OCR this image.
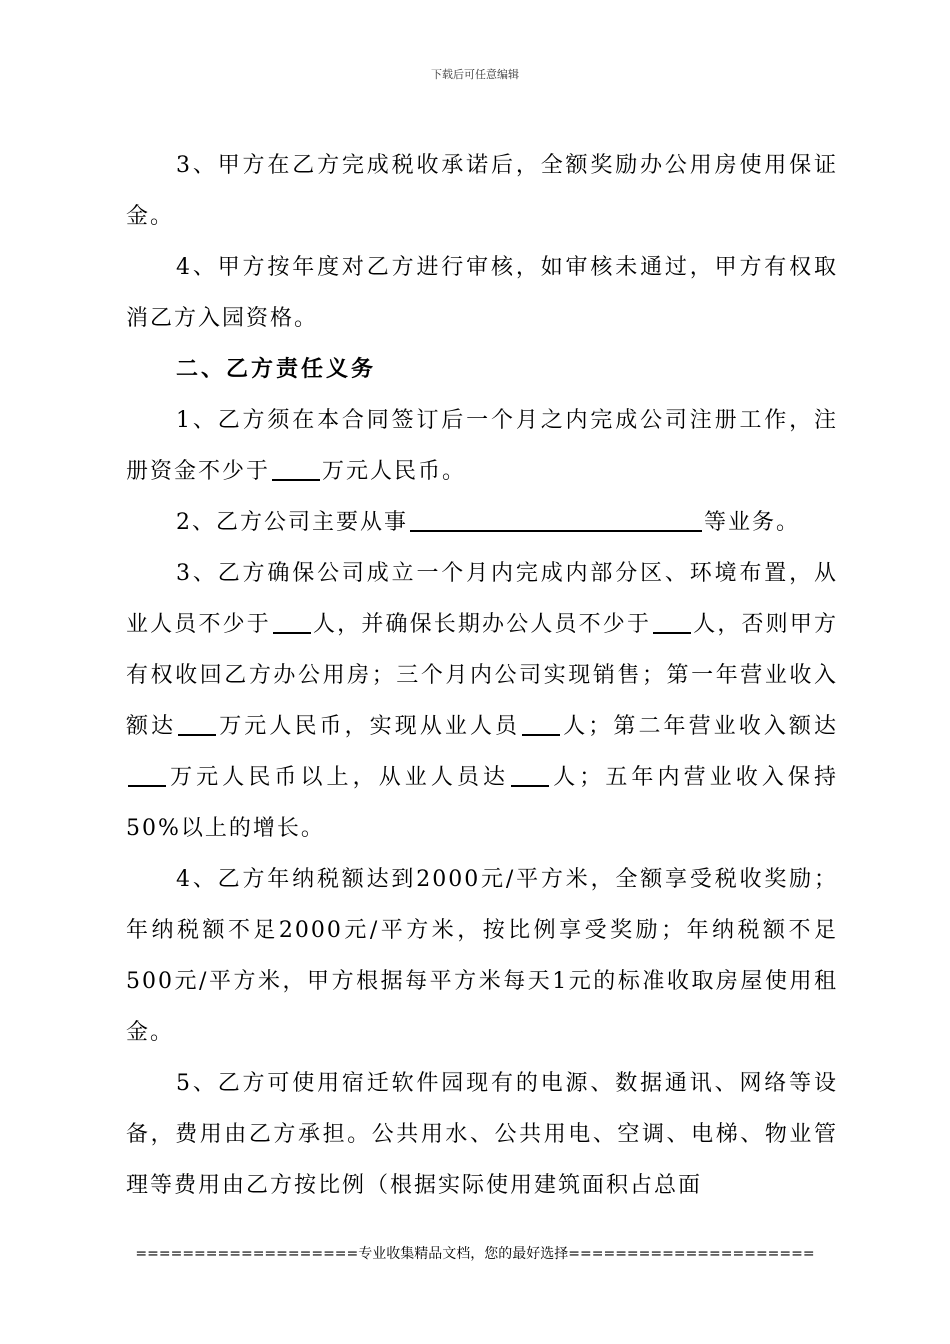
下载后可任意编辑

3、甲方在乙方完成税收承诺后，全额奖励办公用房使用保证金。

4、甲方按年度对乙方进行审核，如审核未通过，甲方有权取消乙方入园资格。

二、乙方责任义务

1、乙方须在本合同签订后一个月之内完成公司注册工作，注册资金不少于 万元人民币。

2、乙方公司主要从事	等业务。

3、乙方确保公司成立一个月内完成内部分区、环境布置，从业人员不少于 人，并确保长期办公人员不少于 人，否则甲方有权收回乙方办公用房；三个月内公司实现销售；第一年营业收入额达 万元人民币，实现从业人员 人；第二年营业收入额达万元人民币以上，从业人员达 人；五年内营业收入保持50%以上的增长。

4、乙方年纳税额达到2000元/平方米，全额享受税收奖励；年纳税额不足2000元/平方米，按比例享受奖励；年纳税额不足500元/平方米，甲方根据每平方米每天1元的标准收取房屋使用租金。

5、乙方可使用宿迁软件园现有的电源、数据通讯、网络等设备，费用由乙方承担。公共用水、公共用电、空调、电梯、物业管理等费用由乙方按比例（根据实际使用建筑面积占总面

===================专业收集精品文档，您的最好选择=====================
